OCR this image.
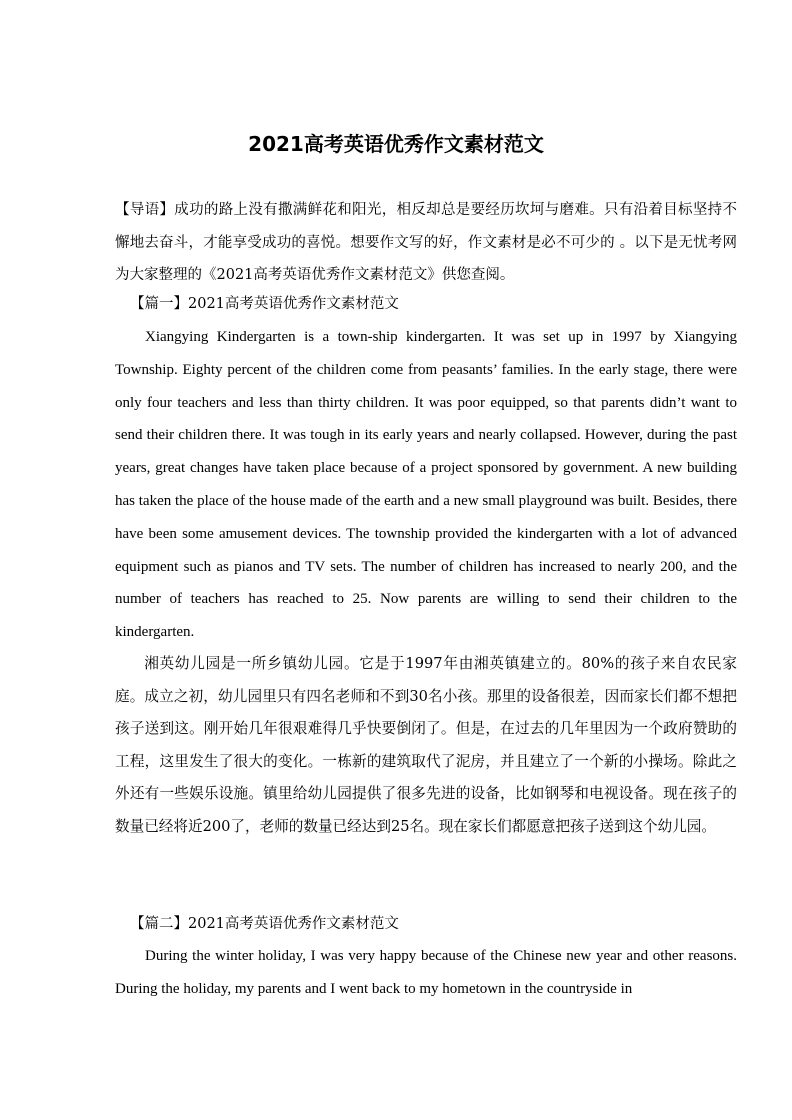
2021高考英语优秀作文素材范文
【导语】成功的路上没有撒满鲜花和阳光，相反却总是要经历坎坷与磨难。只有沿着目标坚持不懈地去奋斗，才能享受成功的喜悦。想要作文写的好，作文素材是必不可少的 。以下是无忧考网为大家整理的《2021高考英语优秀作文素材范文》供您查阅。
【篇一】2021高考英语优秀作文素材范文
Xiangying Kindergarten is a town-ship kindergarten. It was set up in 1997 by Xiangying Township. Eighty percent of the children come from peasants’ families. In the early stage, there were only four teachers and less than thirty children. It was poor equipped, so that parents didn’t want to send their children there. It was tough in its early years and nearly collapsed. However, during the past years, great changes have taken place because of a project sponsored by government. A new building has taken the place of the house made of the earth and a new small playground was built. Besides, there have been some amusement devices. The township provided the kindergarten with a lot of advanced equipment such as pianos and TV sets. The number of children has increased to nearly 200, and the number of teachers has reached to 25. Now parents are willing to send their children to the kindergarten.
湘英幼儿园是一所乡镇幼儿园。它是于1997年由湘英镇建立的。80%的孩子来自农民家庭。成立之初，幼儿园里只有四名老师和不到30名小孩。那里的设备很差，因而家长们都不想把孩子送到这。刚开始几年很艰难得几乎快要倒闭了。但是，在过去的几年里因为一个政府赞助的工程，这里发生了很大的变化。一栋新的建筑取代了泥房，并且建立了一个新的小操场。除此之外还有一些娱乐设施。镇里给幼儿园提供了很多先进的设备，比如钢琴和电视设备。现在孩子的数量已经将近200了，老师的数量已经达到25名。现在家长们都愿意把孩子送到这个幼儿园。
【篇二】2021高考英语优秀作文素材范文
During the winter holiday, I was very happy because of the Chinese new year and other reasons. During the holiday, my parents and I went back to my hometown in the countryside in
